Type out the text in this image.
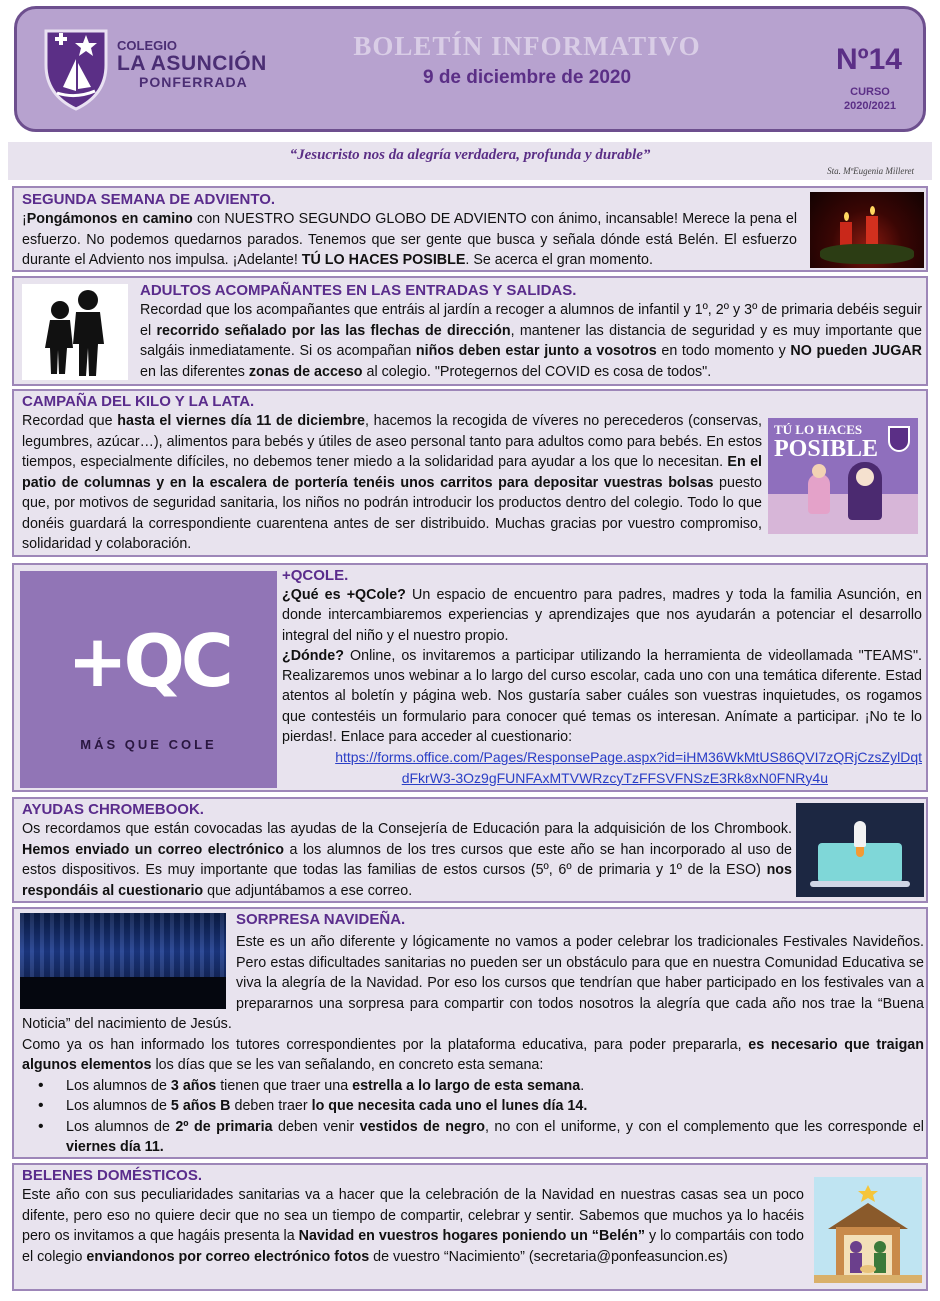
COLEGIO
LA ASUNCIÓN
PONFERRADA
BOLETÍN INFORMATIVO
9 de diciembre de 2020
Nº14
CURSO
2020/2021
“Jesucristo nos da alegría verdadera, profunda y durable”
Sta. MªEugenia Milleret
SEGUNDA SEMANA DE ADVIENTO.
¡Pongámonos en camino con NUESTRO SEGUNDO GLOBO DE ADVIENTO con ánimo, incansable! Merece la pena el esfuerzo. No podemos quedarnos parados. Tenemos que ser gente que busca y señala dónde está Belén. El esfuerzo durante el Adviento nos impulsa. ¡Adelante! TÚ LO HACES POSIBLE. Se acerca el gran momento.
ADULTOS ACOMPAÑANTES EN LAS ENTRADAS Y SALIDAS.
Recordad que los acompañantes que entráis al jardín a recoger a alumnos de infantil y 1º, 2º y 3º de primaria debéis seguir el recorrido señalado por las las flechas de dirección, mantener las distancia de seguridad y es muy importante que salgáis inmediatamente. Si os acompañan niños deben estar junto a vosotros en todo momento y NO pueden JUGAR en las diferentes zonas de acceso al colegio. "Protegernos del COVID es cosa de todos".
CAMPAÑA DEL KILO Y LA LATA.
Recordad que hasta el viernes día 11 de diciembre, hacemos la recogida de víveres no perecederos (conservas, legumbres, azúcar…), alimentos para bebés y útiles de aseo personal tanto para adultos como para bebés. En estos tiempos, especialmente difíciles, no debemos tener miedo a la solidaridad para ayudar a los que lo necesitan. En el patio de columnas y en la escalera de portería tenéis unos carritos para depositar vuestras bolsas puesto que, por motivos de seguridad sanitaria, los niños no podrán introducir los productos dentro del colegio. Todo lo que donéis guardará la correspondiente cuarentena antes de ser distribuido. Muchas gracias por vuestro compromiso, solidaridad y colaboración.
TÚ LO HACES
POSIBLE
+QC
MÁS QUE COLE
+QCOLE.

¿Qué es +QCole? Un espacio de encuentro para padres, madres y toda la familia Asunción, en donde intercambiaremos experiencias y aprendizajes que nos ayudarán a potenciar el desarrollo integral del niño y el nuestro propio.

¿Dónde? Online, os invitaremos a participar utilizando la herramienta de videollamada "TEAMS". Realizaremos unos webinar a lo largo del curso escolar, cada uno con una temática diferente. Estad atentos al boletín y página web. Nos gustaría saber cuáles son vuestras inquietudes, os rogamos que contestéis un formulario para conocer qué temas os interesan. Anímate a participar. ¡No te lo pierdas!. Enlace para acceder al cuestionario:

https://forms.office.com/Pages/ResponsePage.aspx?id=iHM36WkMtUS86QVI7zQRjCzsZylDqt
dFkrW3-3Oz9gFUNFAxMTVWRzcyTzFFSVFNSzE3Rk8xN0FNRy4u
AYUDAS CHROMEBOOK.
Os recordamos que están covocadas las ayudas de la Consejería de Educación para la adquisición de los Chrombook. Hemos enviado un correo electrónico a los alumnos de los tres cursos que este año se han incorporado al uso de estos dispositivos. Es muy importante que todas las familias de estos cursos (5º, 6º de primaria y 1º de la ESO) nos respondáis al cuestionario que adjuntábamos a ese correo.
SORPRESA NAVIDEÑA.

Este es un año diferente y lógicamente no vamos a poder celebrar los tradicionales Festivales Navideños. Pero estas dificultades sanitarias no pueden ser un obstáculo para que en nuestra Comunidad Educativa se viva la alegría de la Navidad. Por eso los cursos que tendrían que haber participado en los festivales van a prepararnos una sorpresa para compartir con todos nosotros la alegría que cada año nos trae la “Buena Noticia” del nacimiento de Jesús.

Como ya os han informado los tutores correspondientes por la plataforma educativa, para poder prepararla, es necesario que traigan algunos elementos los días que se les van señalando, en concreto esta semana:

• Los alumnos de 3 años tienen que traer una estrella a lo largo de esta semana.
• Los alumnos de 5 años B deben traer lo que necesita cada uno el lunes día 14.
• Los alumnos de 2º de primaria deben venir vestidos de negro, no con el uniforme, y con el complemento que les corresponde el viernes día 11.
BELENES DOMÉSTICOS.
Este año con sus peculiaridades sanitarias va a hacer que la celebración de la Navidad en nuestras casas sea un poco difente, pero eso no quiere decir que no sea un tiempo de compartir, celebrar y sentir. Sabemos que muchos ya lo hacéis pero os invitamos a que hagáis presenta la Navidad en vuestros hogares poniendo un “Belén” y lo compartáis con todo el colegio enviandonos por correo electrónico fotos de vuestro “Nacimiento” (secretaria@ponfeasuncion.es)
